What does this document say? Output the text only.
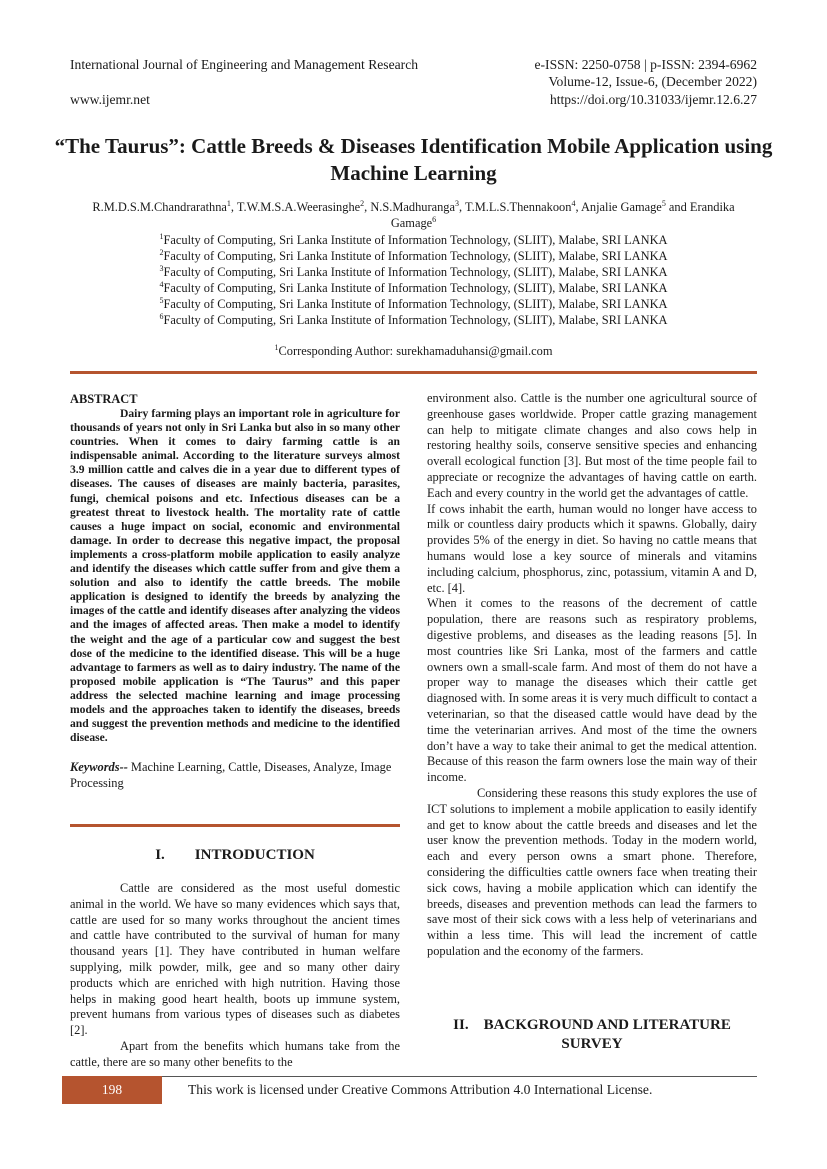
International Journal of Engineering and Management Research	e-ISSN: 2250-0758 | p-ISSN: 2394-6962
Volume-12, Issue-6, (December 2022)
www.ijemr.net	https://doi.org/10.31033/ijemr.12.6.27
“The Taurus”: Cattle Breeds & Diseases Identification Mobile Application using Machine Learning
R.M.D.S.M.Chandrarathna$^1$, T.W.M.S.A.Weerasinghe$^2$, N.S.Madhuranga$^3$, T.M.L.S.Thennakoon$^4$, Anjalie Gamage$^5$ and Erandika Gamage$^6$
$^1$Faculty of Computing, Sri Lanka Institute of Information Technology, (SLIIT), Malabe, SRI LANKA
$^2$Faculty of Computing, Sri Lanka Institute of Information Technology, (SLIIT), Malabe, SRI LANKA
$^3$Faculty of Computing, Sri Lanka Institute of Information Technology, (SLIIT), Malabe, SRI LANKA
$^4$Faculty of Computing, Sri Lanka Institute of Information Technology, (SLIIT), Malabe, SRI LANKA
$^5$Faculty of Computing, Sri Lanka Institute of Information Technology, (SLIIT), Malabe, SRI LANKA
$^6$Faculty of Computing, Sri Lanka Institute of Information Technology, (SLIIT), Malabe, SRI LANKA
$^1$Corresponding Author: surekhamaduhansi@gmail.com
ABSTRACT
Dairy farming plays an important role in agriculture for thousands of years not only in Sri Lanka but also in so many other countries. When it comes to dairy farming cattle is an indispensable animal. According to the literature surveys almost 3.9 million cattle and calves die in a year due to different types of diseases. The causes of diseases are mainly bacteria, parasites, fungi, chemical poisons and etc. Infectious diseases can be a greatest threat to livestock health. The mortality rate of cattle causes a huge impact on social, economic and environmental damage. In order to decrease this negative impact, the proposal implements a cross-platform mobile application to easily analyze and identify the diseases which cattle suffer from and give them a solution and also to identify the cattle breeds. The mobile application is designed to identify the breeds by analyzing the images of the cattle and identify diseases after analyzing the videos and the images of affected areas. Then make a model to identify the weight and the age of a particular cow and suggest the best dose of the medicine to the identified disease. This will be a huge advantage to farmers as well as to dairy industry. The name of the proposed mobile application is “The Taurus” and this paper address the selected machine learning and image processing models and the approaches taken to identify the diseases, breeds and suggest the prevention methods and medicine to the identified disease.
Keywords-- Machine Learning, Cattle, Diseases, Analyze, Image Processing
I.        INTRODUCTION

Cattle are considered as the most useful domestic animal in the world. We have so many evidences which says that, cattle are used for so many works throughout the ancient times and cattle have contributed to the survival of human for many thousand years [1]. They have contributed in human welfare supplying, milk powder, milk, gee and so many other dairy products which are enriched with high nutrition. Having those helps in making good heart health, boots up immune system, prevent humans from various types of diseases such as diabetes [2].

Apart from the benefits which humans take from the cattle, there are so many other benefits to the

environment also. Cattle is the number one agricultural source of greenhouse gases worldwide. Proper cattle grazing management can help to mitigate climate changes and also cows help in restoring healthy soils, conserve sensitive species and enhancing overall ecological function [3]. But most of the time people fail to appreciate or recognize the advantages of having cattle on earth. Each and every country in the world get the advantages of cattle.

If cows inhabit the earth, human would no longer have access to milk or countless dairy products which it spawns. Globally, dairy provides 5% of the energy in diet. So having no cattle means that humans would lose a key source of minerals and vitamins including calcium, phosphorus, zinc, potassium, vitamin A and D, etc. [4].

When it comes to the reasons of the decrement of cattle population, there are reasons such as respiratory problems, digestive problems, and diseases as the leading reasons [5]. In most countries like Sri Lanka, most of the farmers and cattle owners own a small-scale farm. And most of them do not have a proper way to manage the diseases which their cattle get diagnosed with. In some areas it is very much difficult to contact a veterinarian, so that the diseased cattle would have dead by the time the veterinarian arrives. And most of the time the owners don’t have a way to take their animal to get the medical attention. Because of this reason the farm owners lose the main way of their income.

Considering these reasons this study explores the use of ICT solutions to implement a mobile application to easily identify and get to know about the cattle breeds and diseases and let the user know the prevention methods. Today in the modern world, each and every person owns a smart phone. Therefore, considering the difficulties cattle owners face when treating their sick cows, having a mobile application which can identify the breeds, diseases and prevention methods can lead the farmers to save most of their sick cows with a less help of veterinarians and within a less time. This will lead the increment of cattle population and the economy of the farmers.

II.    BACKGROUND AND LITERATURE SURVEY
198	This work is licensed under Creative Commons Attribution 4.0 International License.
